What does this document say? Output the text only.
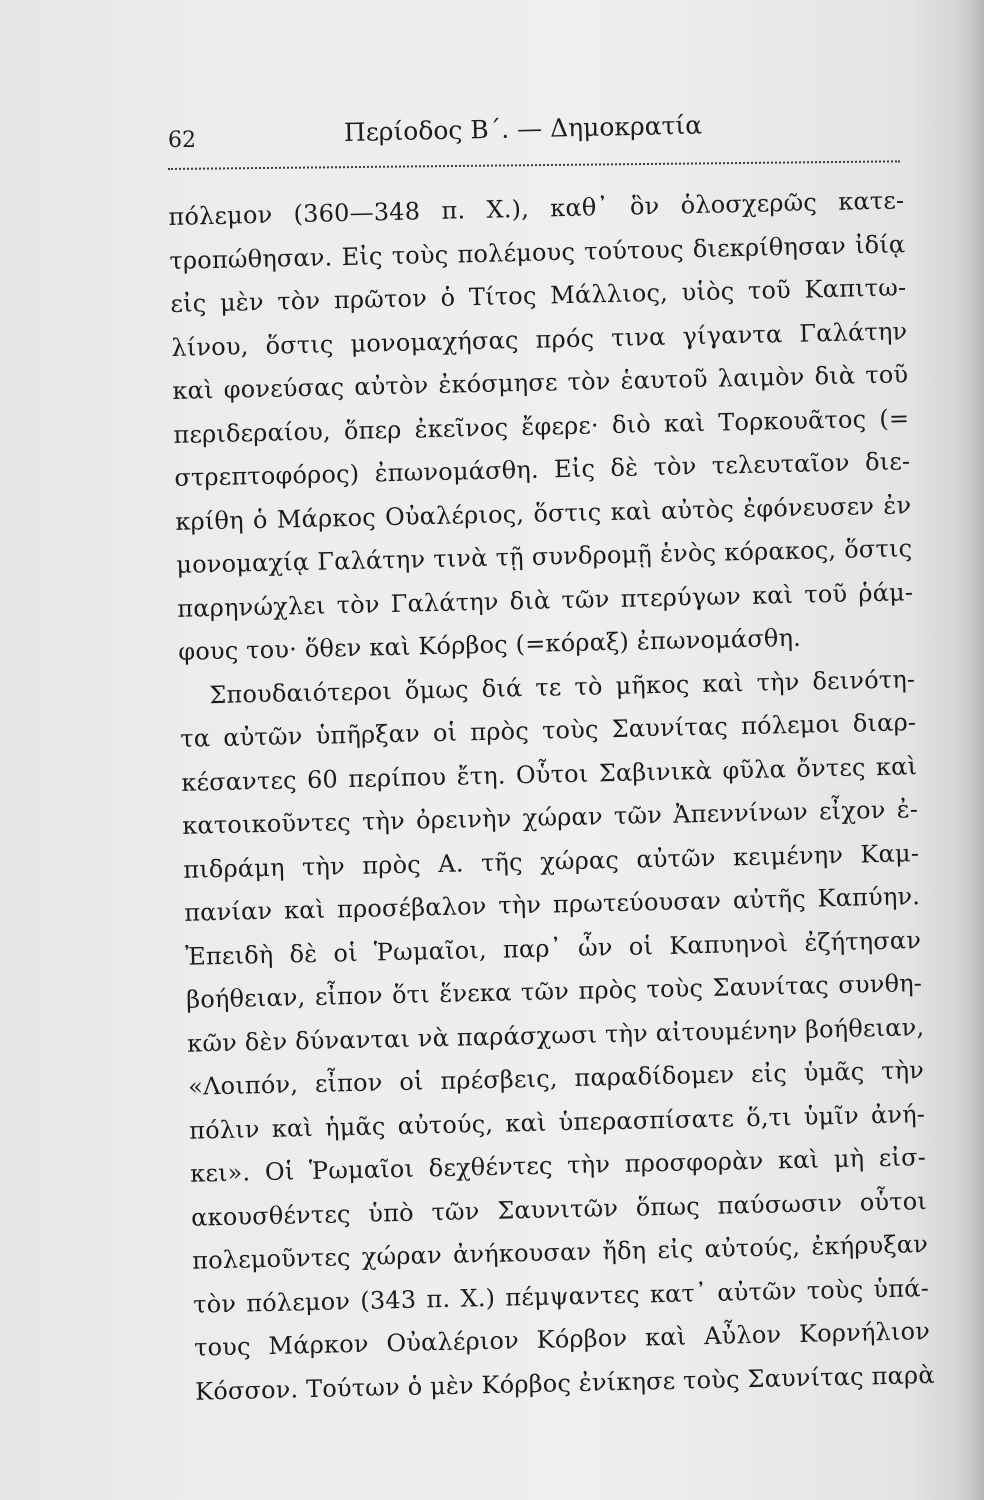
62	Περίοδος Β΄. — Δημοκρατία
πόλεμον (360—348 π. Χ.), καθ᾽ ὃν ὁλοσχερῶς κατε-
τροπώθησαν. Εἰς τοὺς πολέμους τούτους διεκρίθησαν ἰδίᾳ
εἰς μὲν τὸν πρῶτον ὁ Τίτος Μάλλιος, υἱὸς τοῦ Καπιτω-
λίνου, ὅστις μονομαχήσας πρός τινα γίγαντα Γαλάτην
καὶ φονεύσας αὐτὸν ἐκόσμησε τὸν ἑαυτοῦ λαιμὸν διὰ τοῦ
περιδεραίου, ὅπερ ἐκεῖνος ἔφερε· διὸ καὶ Τορκουᾶτος (=
στρεπτοφόρος) ἐπωνομάσθη. Εἰς δὲ τὸν τελευταῖον διε-
κρίθη ὁ Μάρκος Οὐαλέριος, ὅστις καὶ αὐτὸς ἐφόνευσεν ἐν
μονομαχίᾳ Γαλάτην τινὰ τῇ συνδρομῇ ἑνὸς κόρακος, ὅστις
παρηνώχλει τὸν Γαλάτην διὰ τῶν πτερύγων καὶ τοῦ ῥάμ-
φους του· ὅθεν καὶ Κόρβος (=κόραξ) ἐπωνομάσθη.
Σπουδαιότεροι ὅμως διά τε τὸ μῆκος καὶ τὴν δεινότη-
τα αὐτῶν ὑπῆρξαν οἱ πρὸς τοὺς Σαυνίτας πόλεμοι διαρ-
κέσαντες 60 περίπου ἔτη. Οὗτοι Σαβινικὰ φῦλα ὄντες καὶ
κατοικοῦντες τὴν ὀρεινὴν χώραν τῶν Ἀπεννίνων εἶχον ἐ-
πιδράμη τὴν πρὸς Α. τῆς χώρας αὐτῶν κειμένην Καμ-
πανίαν καὶ προσέβαλον τὴν πρωτεύουσαν αὐτῆς Καπύην.
Ἐπειδὴ δὲ οἱ Ῥωμαῖοι, παρ᾽ ὧν οἱ Καπυηνοὶ ἐζήτησαν
βοήθειαν, εἶπον ὅτι ἕνεκα τῶν πρὸς τοὺς Σαυνίτας συνθη-
κῶν δὲν δύνανται νὰ παράσχωσι τὴν αἰτουμένην βοήθειαν,
«Λοιπόν, εἶπον οἱ πρέσβεις, παραδίδομεν εἰς ὑμᾶς τὴν
πόλιν καὶ ἡμᾶς αὐτούς, καὶ ὑπερασπίσατε ὅ,τι ὑμῖν ἀνή-
κει». Οἱ Ῥωμαῖοι δεχθέντες τὴν προσφορὰν καὶ μὴ εἰσ-
ακουσθέντες ὑπὸ τῶν Σαυνιτῶν ὅπως παύσωσιν οὗτοι
πολεμοῦντες χώραν ἀνήκουσαν ἤδη εἰς αὐτούς, ἐκήρυξαν
τὸν πόλεμον (343 π. Χ.) πέμψαντες κατ᾽ αὐτῶν τοὺς ὑπά-
τους Μάρκον Οὐαλέριον Κόρβον καὶ Αὖλον Κορνήλιον
Κόσσον. Τούτων ὁ μὲν Κόρβος ἐνίκησε τοὺς Σαυνίτας παρὰ
